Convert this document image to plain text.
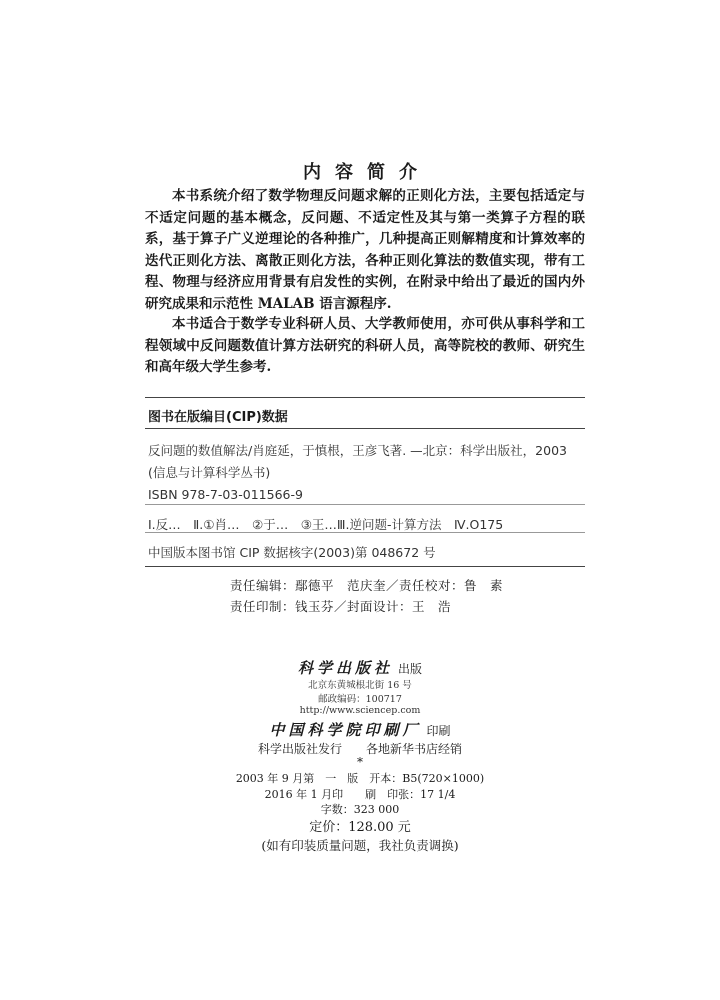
内容简介
本书系统介绍了数学物理反问题求解的正则化方法，主要包括适定与不适定问题的基本概念，反问题、不适定性及其与第一类算子方程的联系，基于算子广义逆理论的各种推广，几种提高正则解精度和计算效率的迭代正则化方法、离散正则化方法，各种正则化算法的数值实现，带有工程、物理与经济应用背景有启发性的实例，在附录中给出了最近的国内外研究成果和示范性 MALAB 语言源程序.
本书适合于数学专业科研人员、大学教师使用，亦可供从事科学和工程领域中反问题数值计算方法研究的科研人员，高等院校的教师、研究生和高年级大学生参考.
图书在版编目(CIP)数据
反问题的数值解法/肖庭延，于慎根，王彦飞著. —北京：科学出版社，2003
(信息与计算科学丛书)
ISBN 978-7-03-011566-9
Ⅰ.反…　Ⅱ.①肖…　②于…　③王…Ⅲ.逆问题-计算方法　Ⅳ.O175
中国版本图书馆 CIP 数据核字(2003)第 048672 号
责任编辑：鄢德平　范庆奎／责任校对：鲁　素
责任印制：钱玉芬／封面设计：王　浩
科学出版社 出版
北京东黄城根北街 16 号
邮政编码：100717
http://www.sciencep.com
中国科学院印刷厂 印刷
科学出版社发行　　各地新华书店经销
*
2003 年 9 月第　一　版　开本：B5(720×1000)
2016 年 1 月印　　刷　印张：17 1/4
字数：323 000
定价：128.00 元
(如有印装质量问题，我社负责调换)
